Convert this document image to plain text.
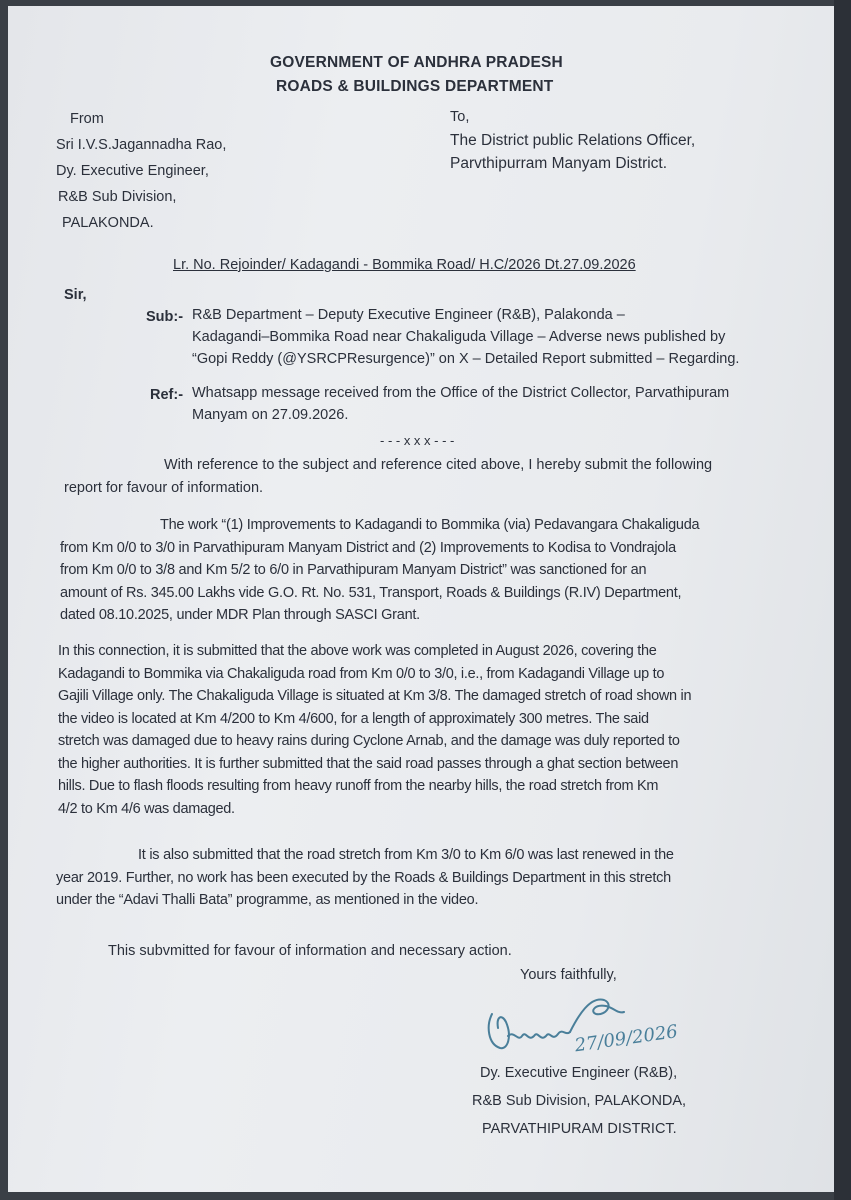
GOVERNMENT OF ANDHRA PRADESH
ROADS & BUILDINGS DEPARTMENT
From
Sri I.V.S.Jagannadha Rao,
Dy. Executive Engineer,
R&B Sub Division,
PALAKONDA.
To,
The District public Relations Officer,
Parvthipurram Manyam District.
Lr. No. Rejoinder/ Kadagandi - Bommika Road/ H.C/2026 Dt.27.09.2026
Sir,
Sub:- R&B Department – Deputy Executive Engineer (R&B), Palakonda –
Kadagandi–Bommika Road near Chakaliguda Village – Adverse news published by
“Gopi Reddy (@YSRCPResurgence)” on X – Detailed Report submitted – Regarding.
Ref:- Whatsapp message received from the Office of the District Collector, Parvathipuram
Manyam on 27.09.2026.
- - - x x x - - -
With reference to the subject and reference cited above, I hereby submit the following
report for favour of information.
The work “(1) Improvements to Kadagandi to Bommika (via) Pedavangara Chakaliguda
from Km 0/0 to 3/0 in Parvathipuram Manyam District and (2) Improvements to Kodisa to Vondrajola
from Km 0/0 to 3/8 and Km 5/2 to 6/0 in Parvathipuram Manyam District” was sanctioned for an
amount of Rs. 345.00 Lakhs vide G.O. Rt. No. 531, Transport, Roads & Buildings (R.IV) Department,
dated 08.10.2025, under MDR Plan through SASCI Grant.
In this connection, it is submitted that the above work was completed in August 2026, covering the
Kadagandi to Bommika via Chakaliguda road from Km 0/0 to 3/0, i.e., from Kadagandi Village up to
Gajili Village only. The Chakaliguda Village is situated at Km 3/8. The damaged stretch of road shown in
the video is located at Km 4/200 to Km 4/600, for a length of approximately 300 metres. The said
stretch was damaged due to heavy rains during Cyclone Arnab, and the damage was duly reported to
the higher authorities. It is further submitted that the said road passes through a ghat section between
hills. Due to flash floods resulting from heavy runoff from the nearby hills, the road stretch from Km
4/2 to Km 4/6 was damaged.
It is also submitted that the road stretch from Km 3/0 to Km 6/0 was last renewed in the
year 2019. Further, no work has been executed by the Roads & Buildings Department in this stretch
under the “Adavi Thalli Bata” programme, as mentioned in the video.
This subvmitted for favour of information and necessary action.
Yours faithfully,
27/09/2026
Dy. Executive Engineer (R&B),
R&B Sub Division, PALAKONDA,
PARVATHIPURAM DISTRICT.
